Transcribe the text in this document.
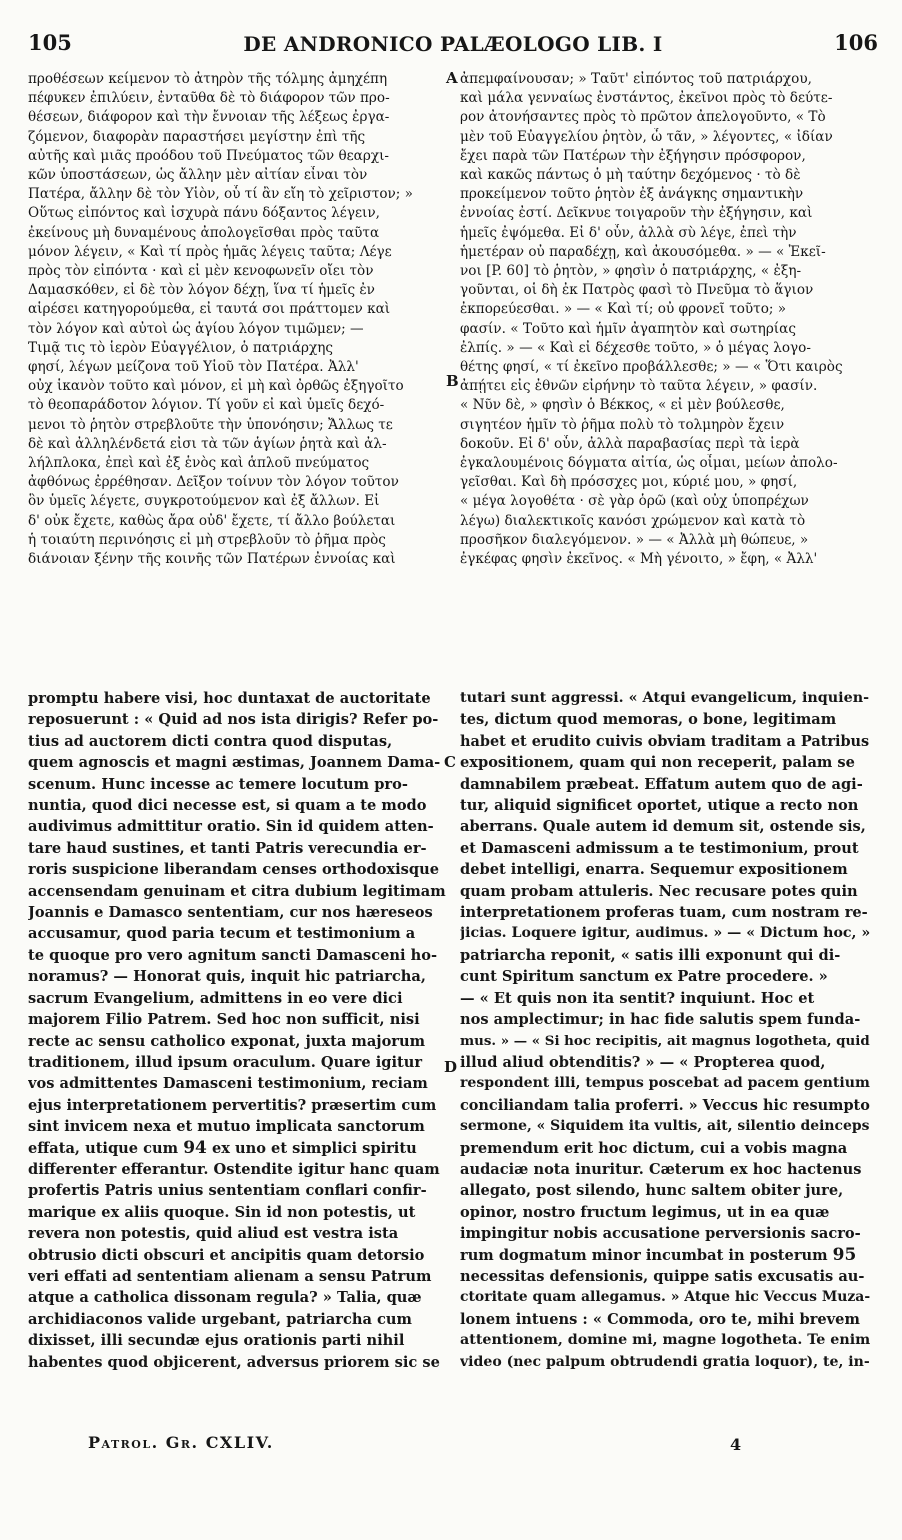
105	DE ANDRONICO PALÆOLOGO LIB. I	106
προθέσεων κείμενον τὸ ἀτηρὸν τῆς τόλμης ἀμηχέπη
πέφυκεν ἐπιλύειν, ἐνταῦθα δὲ τὸ διάφορον τῶν προ-
θέσεων, διάφορον καὶ τὴν ἔννοιαν τῆς λέξεως ἐργα-
ζόμενον, διαφορὰν παραστήσει μεγίστην ἐπὶ τῆς
αὐτῆς καὶ μιᾶς προόδου τοῦ Πνεύματος τῶν θεαρχι-
κῶν ὑποστάσεων, ὡς ἄλλην μὲν αἰτίαν εἶναι τὸν
Πατέρα, ἄλλην δὲ τὸν Υἱὸν, οὗ τί ἂν εἴη τὸ χεῖριστον; »
Οὕτως εἰπόντος καὶ ἰσχυρὰ πάνυ δόξαντος λέγειν,
ἐκείνους μὴ δυναμένους ἀπολογεῖσθαι πρὸς ταῦτα
μόνον λέγειν, « Καὶ τί πρὸς ἡμᾶς λέγεις ταῦτα; Λέγε
πρὸς τὸν εἰπόντα · καὶ εἰ μὲν κενοφωνεῖν οἴει τὸν
Δαμασκόθεν, εἰ δὲ τὸν λόγον δέχῃ, ἵνα τί ἡμεῖς ἐν
αἱρέσει κατηγορούμεθα, εἰ ταυτά σοι πράττομεν καὶ
τὸν λόγον καὶ αὐτοὶ ὡς ἁγίου λόγον τιμῶμεν; —
Τιμᾷ τις τὸ ἱερὸν Εὐαγγέλιον, ὁ πατριάρχης
φησί, λέγων μείζονα τοῦ Υἱοῦ τὸν Πατέρα. Ἀλλ'
οὐχ ἱκανὸν τοῦτο καὶ μόνον, εἰ μὴ καὶ ὀρθῶς ἐξηγοῖτο
τὸ θεοπαράδοτον λόγιον. Τί γοῦν εἰ καὶ ὑμεῖς δεχό-
μενοι τὸ ῥητὸν στρεβλοῦτε τὴν ὑπονόησιν; Ἄλλως τε
δὲ καὶ ἀλληλένδετά εἰσι τὰ τῶν ἁγίων ῥητὰ καὶ ἀλ-
λήλπλοκα, ἐπεὶ καὶ ἐξ ἑνὸς καὶ ἁπλοῦ πνεύματος
ἀφθόνως ἐρρέθησαν. Δεῖξον τοίνυν τὸν λόγον τοῦτον
ὃν ὑμεῖς λέγετε, συγκροτούμενον καὶ ἐξ ἄλλων. Εἰ
δ' οὐκ ἔχετε, καθὼς ἄρα οὐδ' ἔχετε, τί ἄλλο βούλεται
ἡ τοιαύτη περινόησις εἰ μὴ στρεβλοῦν τὸ ῥῆμα πρὸς
διάνοιαν ξένην τῆς κοινῆς τῶν Πατέρων ἐννοίας καὶ
ἀπεμφαίνουσαν; » Ταῦτ' εἰπόντος τοῦ πατριάρχου,
καὶ μάλα γενναίως ἐνστάντος, ἐκεῖνοι πρὸς τὸ δεύτε-
ρον ἀτονήσαντες πρὸς τὸ πρῶτον ἀπελογοῦντο, « Τὸ
μὲν τοῦ Εὐαγγελίου ῥητὸν, ὦ τᾶν, » λέγοντες, « ἰδίαν
ἔχει παρὰ τῶν Πατέρων τὴν ἐξήγησιν πρόσφορον,
καὶ κακῶς πάντως ὁ μὴ ταύτην δεχόμενος · τὸ δὲ
προκείμενον τοῦτο ῥητὸν ἐξ ἀνάγκης σημαντικὴν
ἐννοίας ἐστί. Δεῖκνυε τοιγαροῦν τὴν ἐξήγησιν, καὶ
ἡμεῖς ἐψόμεθα. Εἰ δ' οὖν, ἀλλὰ σὺ λέγε, ἐπεὶ τὴν
ἡμετέραν οὐ παραδέχῃ, καὶ ἀκουσόμεθα. » — « Ἐκεῖ-
νοι [P. 60] τὸ ῥητὸν, » φησὶν ὁ πατριάρχης, « ἐξη-
γοῦνται, οἱ δὴ ἐκ Πατρὸς φασὶ τὸ Πνεῦμα τὸ ἅγιον
ἐκπορεύεσθαι. » — « Καὶ τί; οὐ φρονεῖ τοῦτο; »
φασίν. « Τοῦτο καὶ ἡμῖν ἀγαπητὸν καὶ σωτηρίας
ἐλπίς. » — « Καὶ εἰ δέχεσθε τοῦτο, » ὁ μέγας λογο-
θέτης φησί, « τί ἐκεῖνο προβάλλεσθε; » — « Ὅτι καιρὸς
ἀπῄτει εἰς ἐθνῶν εἰρήνην τὸ ταῦτα λέγειν, » φασίν.
« Νῦν δὲ, » φησὶν ὁ Βέκκος, « εἰ μὲν βούλεσθε,
σιγητέον ἡμῖν τὸ ῥῆμα πολὺ τὸ τολμηρὸν ἔχειν
δοκοῦν. Εἰ δ' οὖν, ἀλλὰ παραβασίας περὶ τὰ ἱερὰ
ἐγκαλουμένοις δόγματα αἰτία, ὡς οἶμαι, μείων ἀπολο-
γεῖσθαι. Καὶ δὴ πρόσσχες μοι, κύριέ μου, » φησί,
« μέγα λογοθέτα · σὲ γὰρ ὁρῶ (καὶ οὐχ ὑποπρέχων
λέγω) διαλεκτικοῖς κανόσι χρώμενον καὶ κατὰ τὸ
προσῆκον διαλεγόμενον. » — « Ἀλλὰ μὴ θώπευε, »
ἐγκέφας φησὶν ἐκεῖνος. « Μὴ γένοιτο, » ἔφη, « Ἀλλ'
A
B
C
D
promptu habere visi, hoc duntaxat de auctoritate
reposuerunt : « Quid ad nos ista dirigis? Refer po-
tius ad auctorem dicti contra quod disputas,
quem agnoscis et magni æstimas, Joannem Dama-
scenum. Hunc incesse ac temere locutum pro-
nuntia, quod dici necesse est, si quam a te modo
audivimus admittitur oratio. Sin id quidem atten-
tare haud sustines, et tanti Patris verecundia er-
roris suspicione liberandam censes orthodoxisque
accensendam genuinam et citra dubium legitimam
Joannis e Damasco sententiam, cur nos hæreseos
accusamur, quod paria tecum et testimonium a
te quoque pro vero agnitum sancti Damasceni ho-
noramus? — Honorat quis, inquit hic patriarcha,
sacrum Evangelium, admittens in eo vere dici
majorem Filio Patrem. Sed hoc non sufficit, nisi
recte ac sensu catholico exponat, juxta majorum
traditionem, illud ipsum oraculum. Quare igitur
vos admittentes Damasceni testimonium, reciam
ejus interpretationem pervertitis? præsertim cum
sint invicem nexa et mutuo implicata sanctorum
effata, utique cum 94 ex uno et simplici spiritu
differenter efferantur. Ostendite igitur hanc quam
profertis Patris unius sententiam conflari confir-
marique ex aliis quoque. Sin id non potestis, ut
revera non potestis, quid aliud est vestra ista
obtrusio dicti obscuri et ancipitis quam detorsio
veri effati ad sententiam alienam a sensu Patrum
atque a catholica dissonam regula? » Talia, quæ
archidiaconos valide urgebant, patriarcha cum
dixisset, illi secundæ ejus orationis parti nihil
habentes quod objicerent, adversus priorem sic se
tutari sunt aggressi. « Atqui evangelicum, inquien-
tes, dictum quod memoras, o bone, legitimam
habet et erudito cuivis obviam traditam a Patribus
expositionem, quam qui non receperit, palam se
damnabilem præbeat. Effatum autem quo de agi-
tur, aliquid significet oportet, utique a recto non
aberrans. Quale autem id demum sit, ostende sis,
et Damasceni admissum a te testimonium, prout
debet intelligi, enarra. Sequemur expositionem
quam probam attuleris. Nec recusare potes quin
interpretationem proferas tuam, cum nostram re-
jicias. Loquere igitur, audimus. » — « Dictum hoc, »
patriarcha reponit, « satis illi exponunt qui di-
cunt Spiritum sanctum ex Patre procedere. »
— « Et quis non ita sentit? inquiunt. Hoc et
nos amplectimur; in hac fide salutis spem funda-
mus. » — « Si hoc recipitis, ait magnus logotheta, quid
illud aliud obtenditis? » — « Propterea quod,
respondent illi, tempus poscebat ad pacem gentium
conciliandam talia proferri. » Veccus hic resumpto
sermone, « Siquidem ita vultis, ait, silentio deinceps
premendum erit hoc dictum, cui a vobis magna
audaciæ nota inuritur. Cæterum ex hoc hactenus
allegato, post silendo, hunc saltem obiter jure,
opinor, nostro fructum legimus, ut in ea quæ
impingitur nobis accusatione perversionis sacro-
rum dogmatum minor incumbat in posterum 95
necessitas defensionis, quippe satis excusatis au-
ctoritate quam allegamus. » Atque hic Veccus Muza-
lonem intuens : « Commoda, oro te, mihi brevem
attentionem, domine mi, magne logotheta. Te enim
video (nec palpum obtrudendi gratia loquor), te, in-
Patrol. Gr. CXLIV.	4
